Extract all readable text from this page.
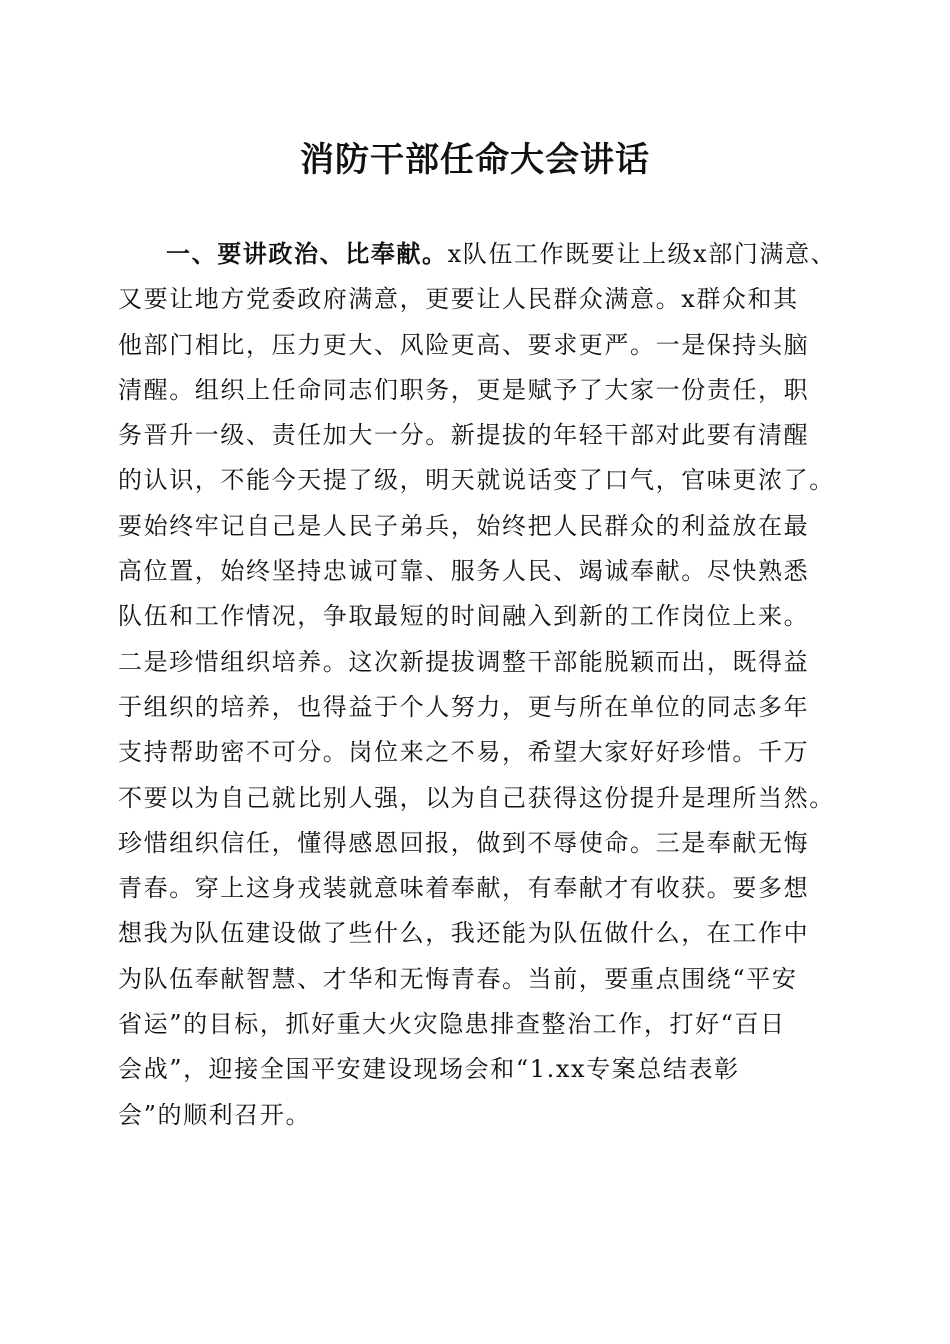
消防干部任命大会讲话
一、要讲政治、比奉献。x队伍工作既要让上级x部门满意、
又要让地方党委政府满意，更要让人民群众满意。x群众和其
他部门相比，压力更大、风险更高、要求更严。一是保持头脑
清醒。组织上任命同志们职务，更是赋予了大家一份责任，职
务晋升一级、责任加大一分。新提拔的年轻干部对此要有清醒
的认识，不能今天提了级，明天就说话变了口气，官味更浓了。
要始终牢记自己是人民子弟兵，始终把人民群众的利益放在最
高位置，始终坚持忠诚可靠、服务人民、竭诚奉献。尽快熟悉
队伍和工作情况，争取最短的时间融入到新的工作岗位上来。
二是珍惜组织培养。这次新提拔调整干部能脱颖而出，既得益
于组织的培养，也得益于个人努力，更与所在单位的同志多年
支持帮助密不可分。岗位来之不易，希望大家好好珍惜。千万
不要以为自己就比别人强，以为自己获得这份提升是理所当然。
珍惜组织信任，懂得感恩回报，做到不辱使命。三是奉献无悔
青春。穿上这身戎装就意味着奉献，有奉献才有收获。要多想
想我为队伍建设做了些什么，我还能为队伍做什么，在工作中
为队伍奉献智慧、才华和无悔青春。当前，要重点围绕“平安
省运”的目标，抓好重大火灾隐患排查整治工作，打好“百日
会战”，迎接全国平安建设现场会和“1.xx专案总结表彰
会”的顺利召开。
